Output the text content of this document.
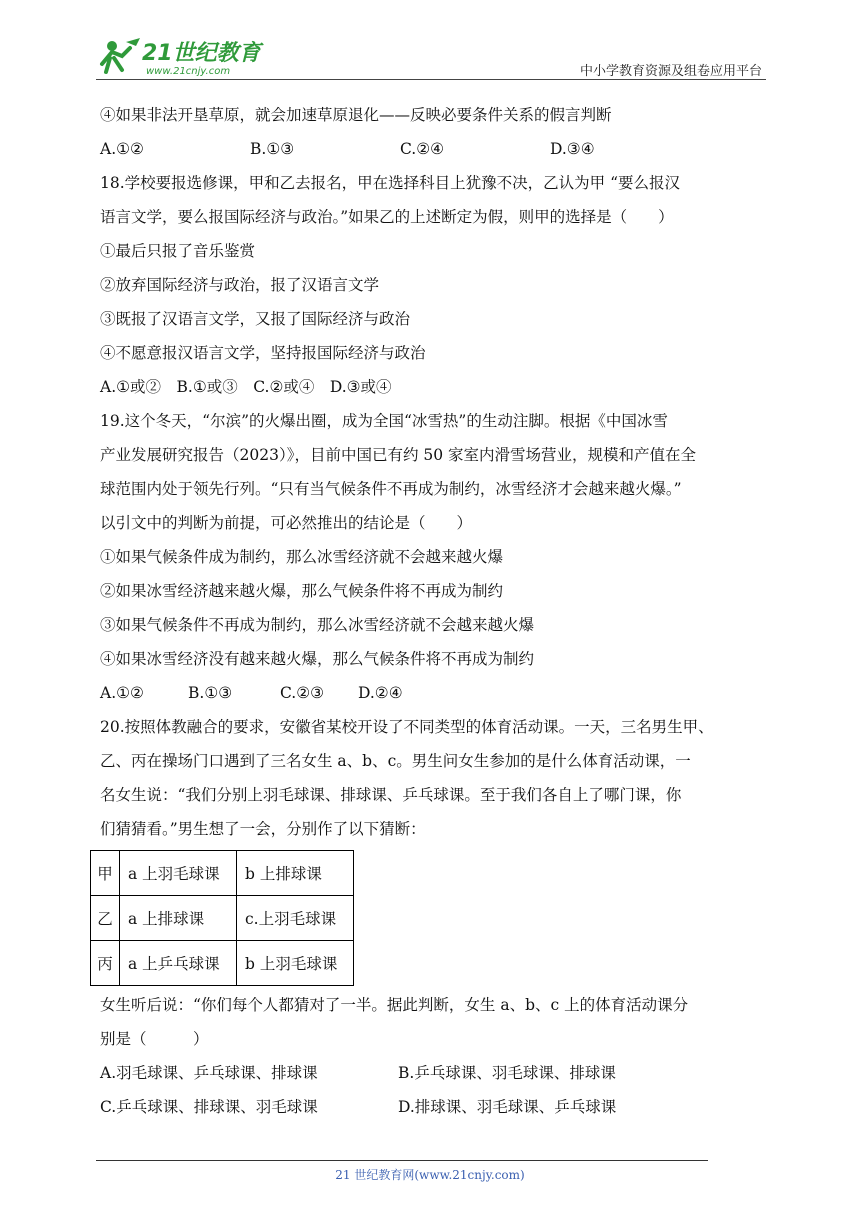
21世纪教育
www.21cnjy.com	中小学教育资源及组卷应用平台
④如果非法开垦草原，就会加速草原退化——反映必要条件关系的假言判断
A.①②	B.①③	C.②④	D.③④
18.学校要报选修课，甲和乙去报名，甲在选择科目上犹豫不决，乙认为甲 “要么报汉
语言文学，要么报国际经济与政治。”如果乙的上述断定为假，则甲的选择是（　　）
①最后只报了音乐鉴赏
②放弃国际经济与政治，报了汉语言文学
③既报了汉语言文学，又报了国际经济与政治
④不愿意报汉语言文学，坚持报国际经济与政治
A.①或②　B.①或③　C.②或④　D.③或④
19.这个冬天，“尔滨”的火爆出圈，成为全国“冰雪热”的生动注脚。根据《中国冰雪
产业发展研究报告（2023）》，目前中国已有约 50 家室内滑雪场营业，规模和产值在全
球范围内处于领先行列。“只有当气候条件不再成为制约，冰雪经济才会越来越火爆。”
以引文中的判断为前提，可必然推出的结论是（　　）
①如果气候条件成为制约，那么冰雪经济就不会越来越火爆
②如果冰雪经济越来越火爆，那么气候条件将不再成为制约
③如果气候条件不再成为制约，那么冰雪经济就不会越来越火爆
④如果冰雪经济没有越来越火爆，那么气候条件将不再成为制约
A.①②	B.①③	C.②③	D.②④
20.按照体教融合的要求，安徽省某校开设了不同类型的体育活动课。一天，三名男生甲、
乙、丙在操场门口遇到了三名女生 a、b、c。男生问女生参加的是什么体育活动课，一
名女生说：“我们分别上羽毛球课、排球课、乒乓球课。至于我们各自上了哪门课，你
们猜猜看。”男生想了一会，分别作了以下猜断：
甲	a 上羽毛球课	b 上排球课
乙	a 上排球课	c.上羽毛球课
丙	a 上乒乓球课	b 上羽毛球课
女生听后说：“你们每个人都猜对了一半。据此判断，女生 a、b、c 上的体育活动课分
别是（　　　）
A.羽毛球课、乒乓球课、排球课	B.乒乓球课、羽毛球课、排球课
C.乒乓球课、排球课、羽毛球课	D.排球课、羽毛球课、乒乓球课
21 世纪教育网(www.21cnjy.com)
